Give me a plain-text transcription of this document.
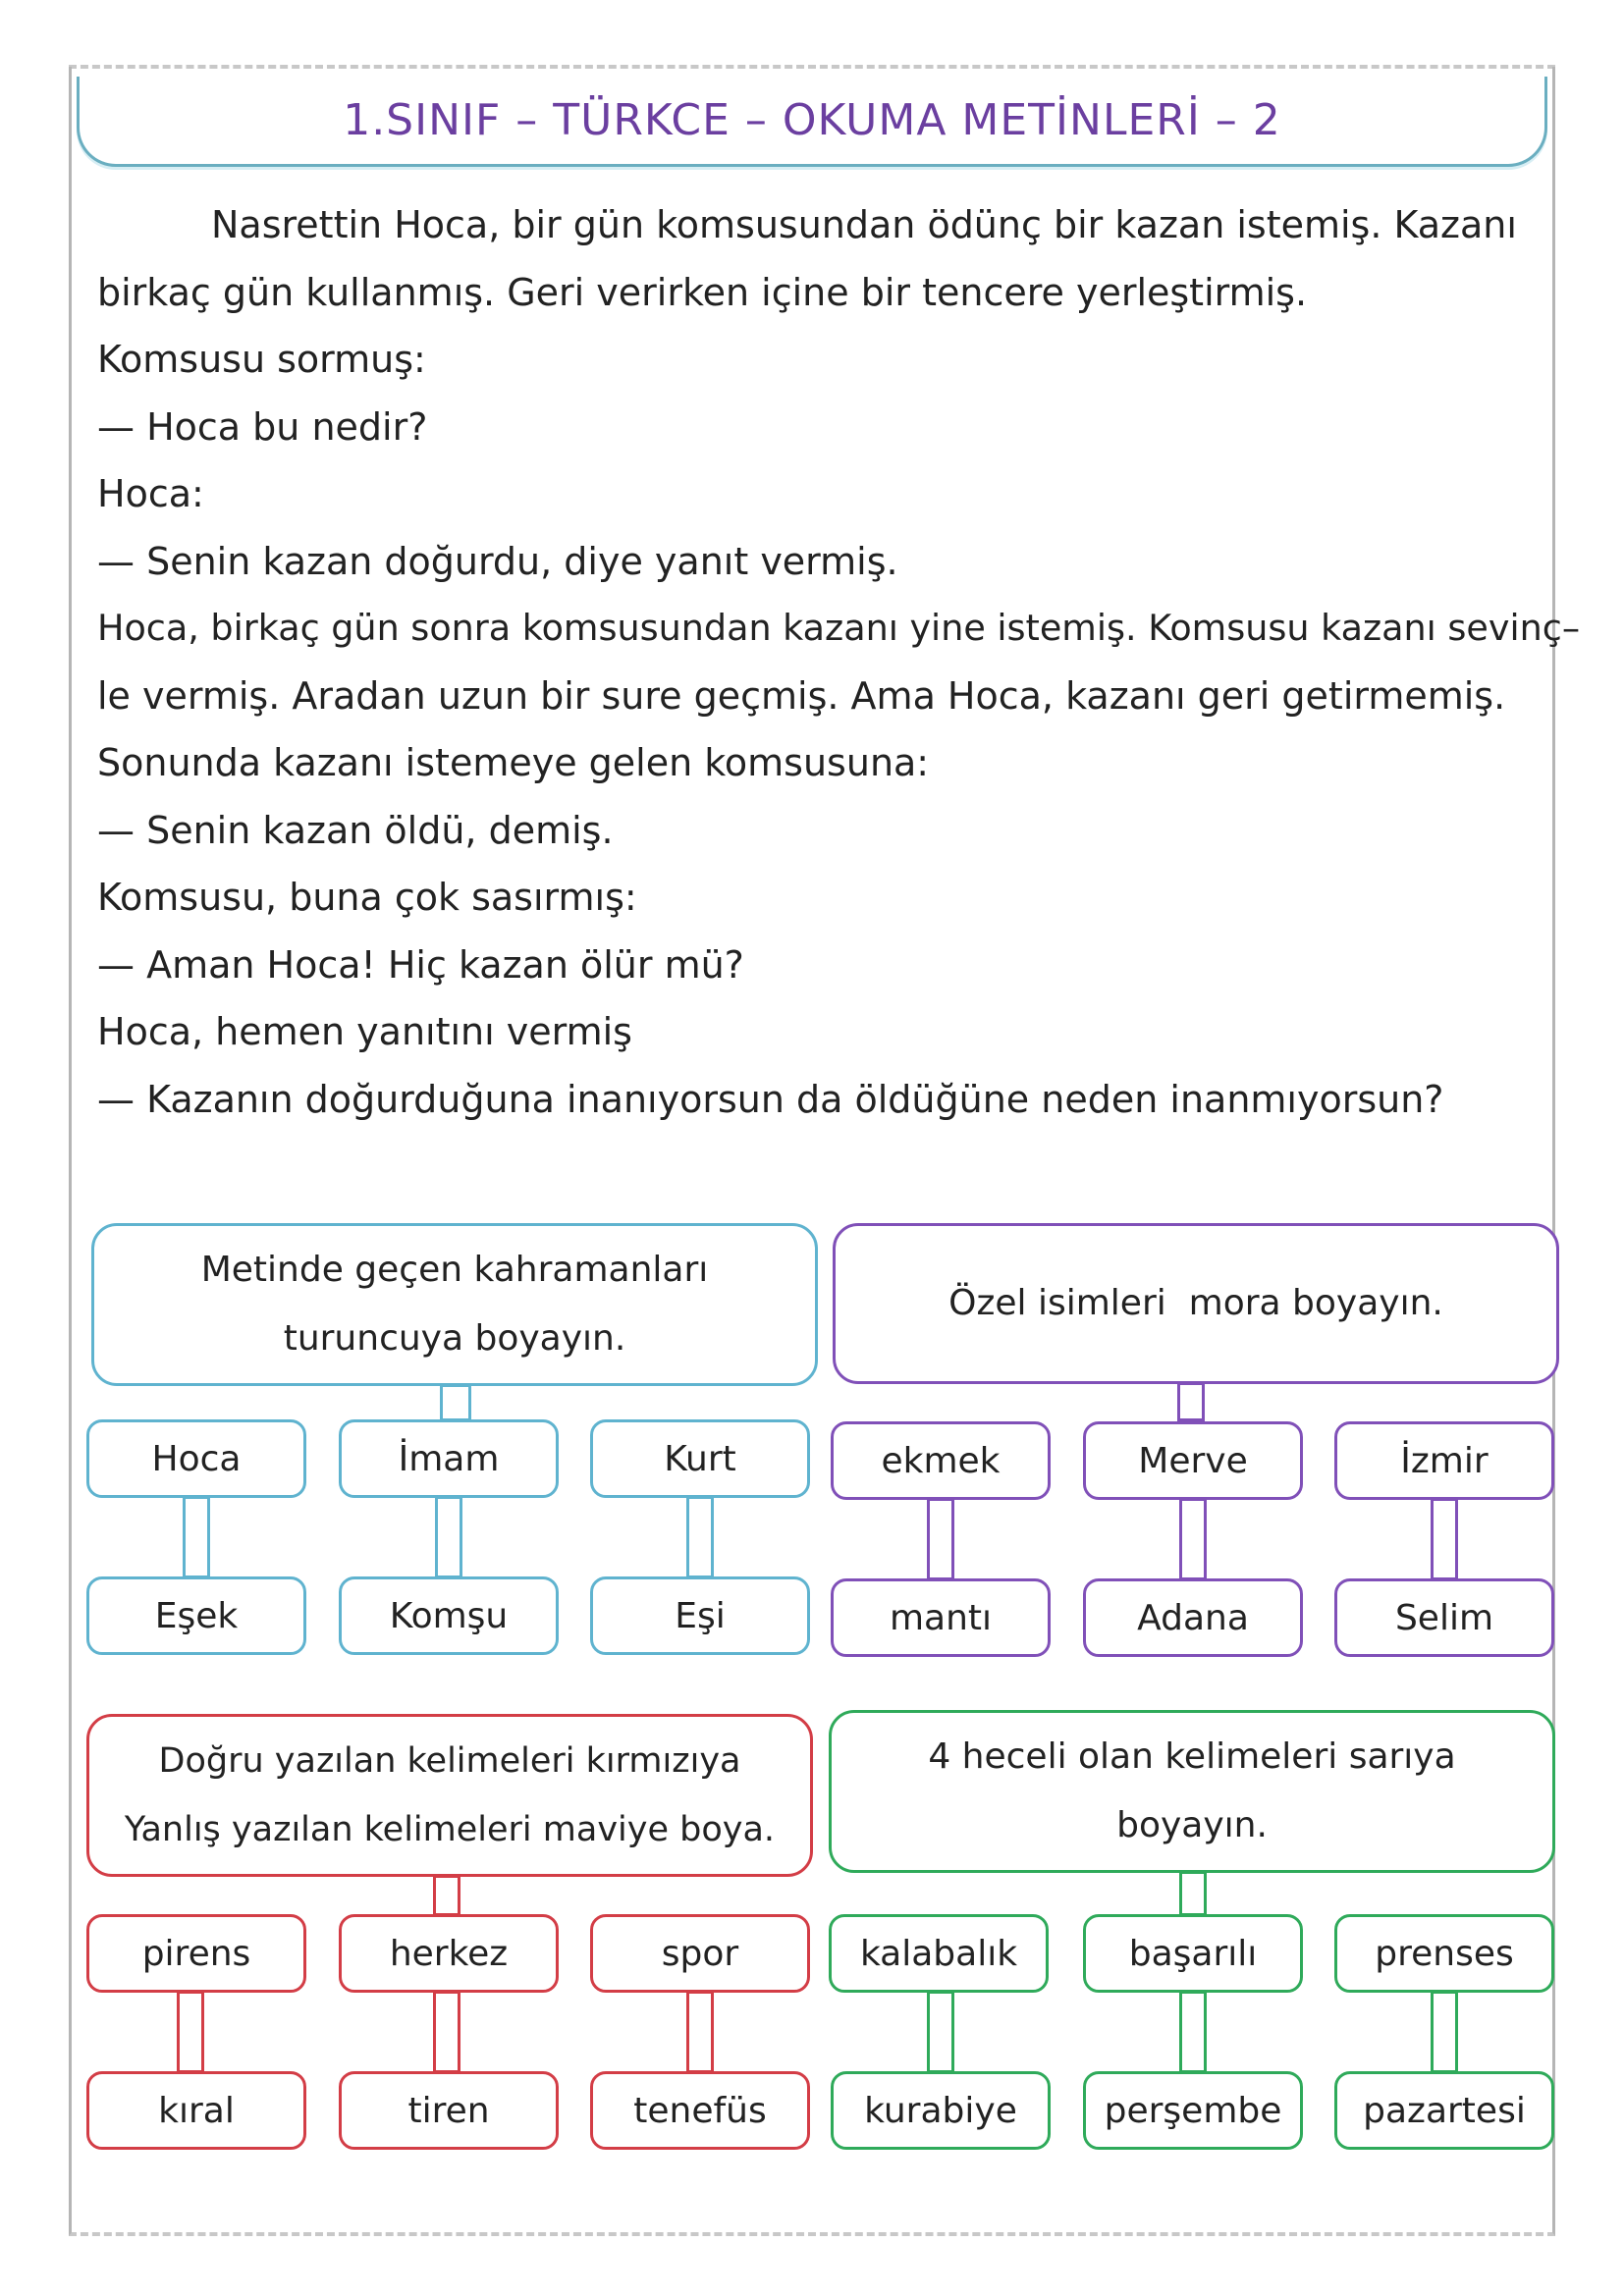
1.SINIF – TÜRKCE – OKUMA METİNLERİ – 2
Nasrettin Hoca, bir gün komsusundan ödünç bir kazan istemiş. Kazanı
birkaç gün kullanmış. Geri verirken içine bir tencere yerleştirmiş.
Komsusu sormuş:
— Hoca bu nedir?
Hoca:
— Senin kazan doğurdu, diye yanıt vermiş.
Hoca, birkaç gün sonra komsusundan kazanı yine istemiş. Komsusu kazanı sevinç–
le vermiş. Aradan uzun bir sure geçmiş. Ama Hoca, kazanı geri getirmemiş.
Sonunda kazanı istemeye gelen komsusuna:
— Senin kazan öldü, demiş.
Komsusu, buna çok sasırmış:
— Aman Hoca! Hiç kazan ölür mü?
Hoca, hemen yanıtını vermiş
— Kazanın doğurduğuna inanıyorsun da öldüğüne neden inanmıyorsun?
Metinde geçen kahramanları
turuncuya boyayın.
Hoca	İmam	Kurt
Eşek	Komşu	Eşi
Özel isimleri  mora boyayın.
ekmek	Merve	İzmir
mantı	Adana	Selim
Doğru yazılan kelimeleri kırmızıya
Yanlış yazılan kelimeleri maviye boya.
pirens	herkez	spor
kıral	tiren	tenefüs
4 heceli olan kelimeleri sarıya
boyayın.
kalabalık	başarılı	prenses
kurabiye	perşembe	pazartesi
